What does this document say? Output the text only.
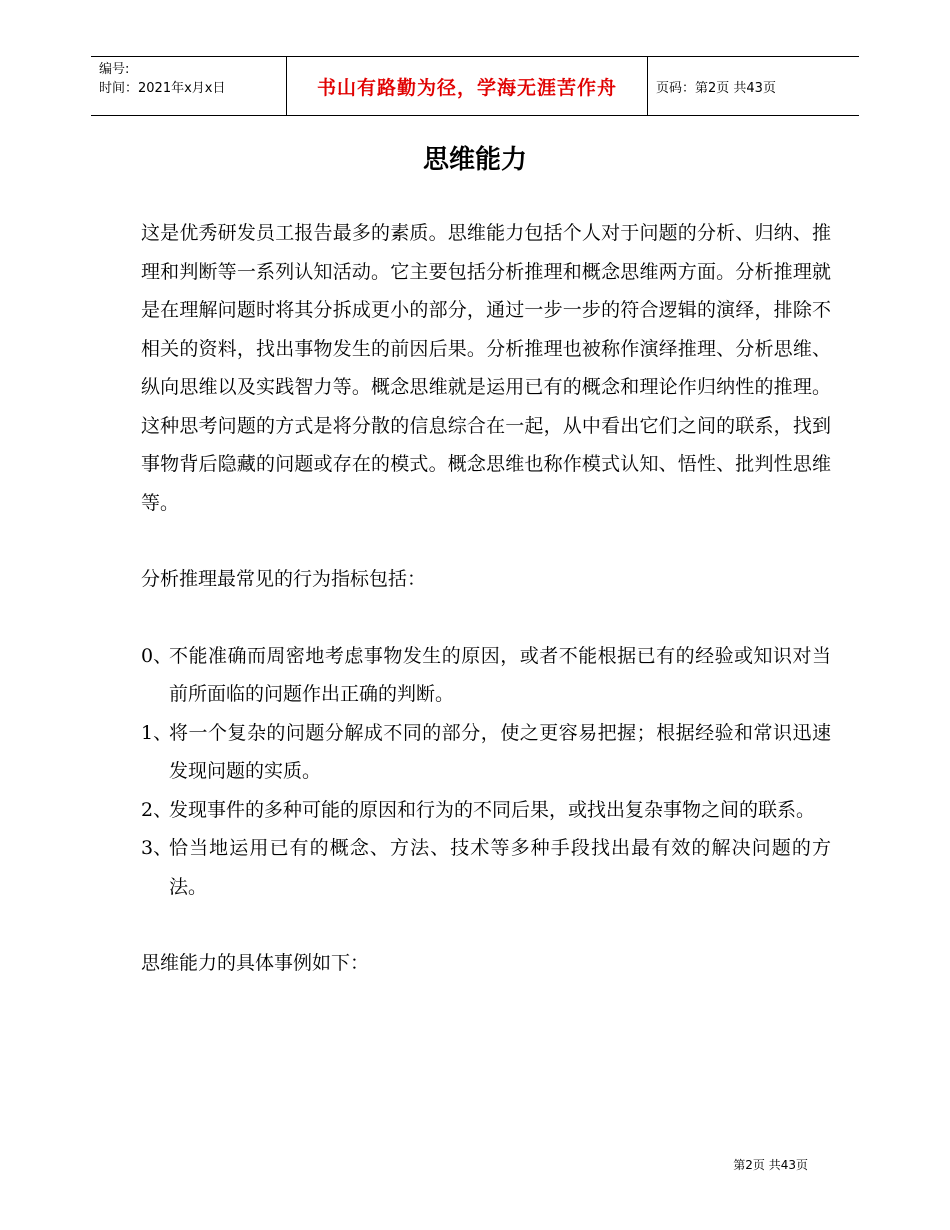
编号:
时间：2021年x月x日	书山有路勤为径，学海无涯苦作舟	页码：第2页 共43页
思维能力

这是优秀研发员工报告最多的素质。思维能力包括个人对于问题的分析、归纳、推理和判断等一系列认知活动。它主要包括分析推理和概念思维两方面。分析推理就是在理解问题时将其分拆成更小的部分，通过一步一步的符合逻辑的演绎，排除不相关的资料，找出事物发生的前因后果。分析推理也被称作演绎推理、分析思维、纵向思维以及实践智力等。概念思维就是运用已有的概念和理论作归纳性的推理。这种思考问题的方式是将分散的信息综合在一起，从中看出它们之间的联系，找到事物背后隐藏的问题或存在的模式。概念思维也称作模式认知、悟性、批判性思维等。

分析推理最常见的行为指标包括：

0、
不能准确而周密地考虑事物发生的原因，或者不能根据已有的经验或知识对当前所面临的问题作出正确的判断。
1、
将一个复杂的问题分解成不同的部分，使之更容易把握；根据经验和常识迅速发现问题的实质。
2、
发现事件的多种可能的原因和行为的不同后果，或找出复杂事物之间的联系。
3、
恰当地运用已有的概念、方法、技术等多种手段找出最有效的解决问题的方法。

思维能力的具体事例如下：

第2页 共43页
